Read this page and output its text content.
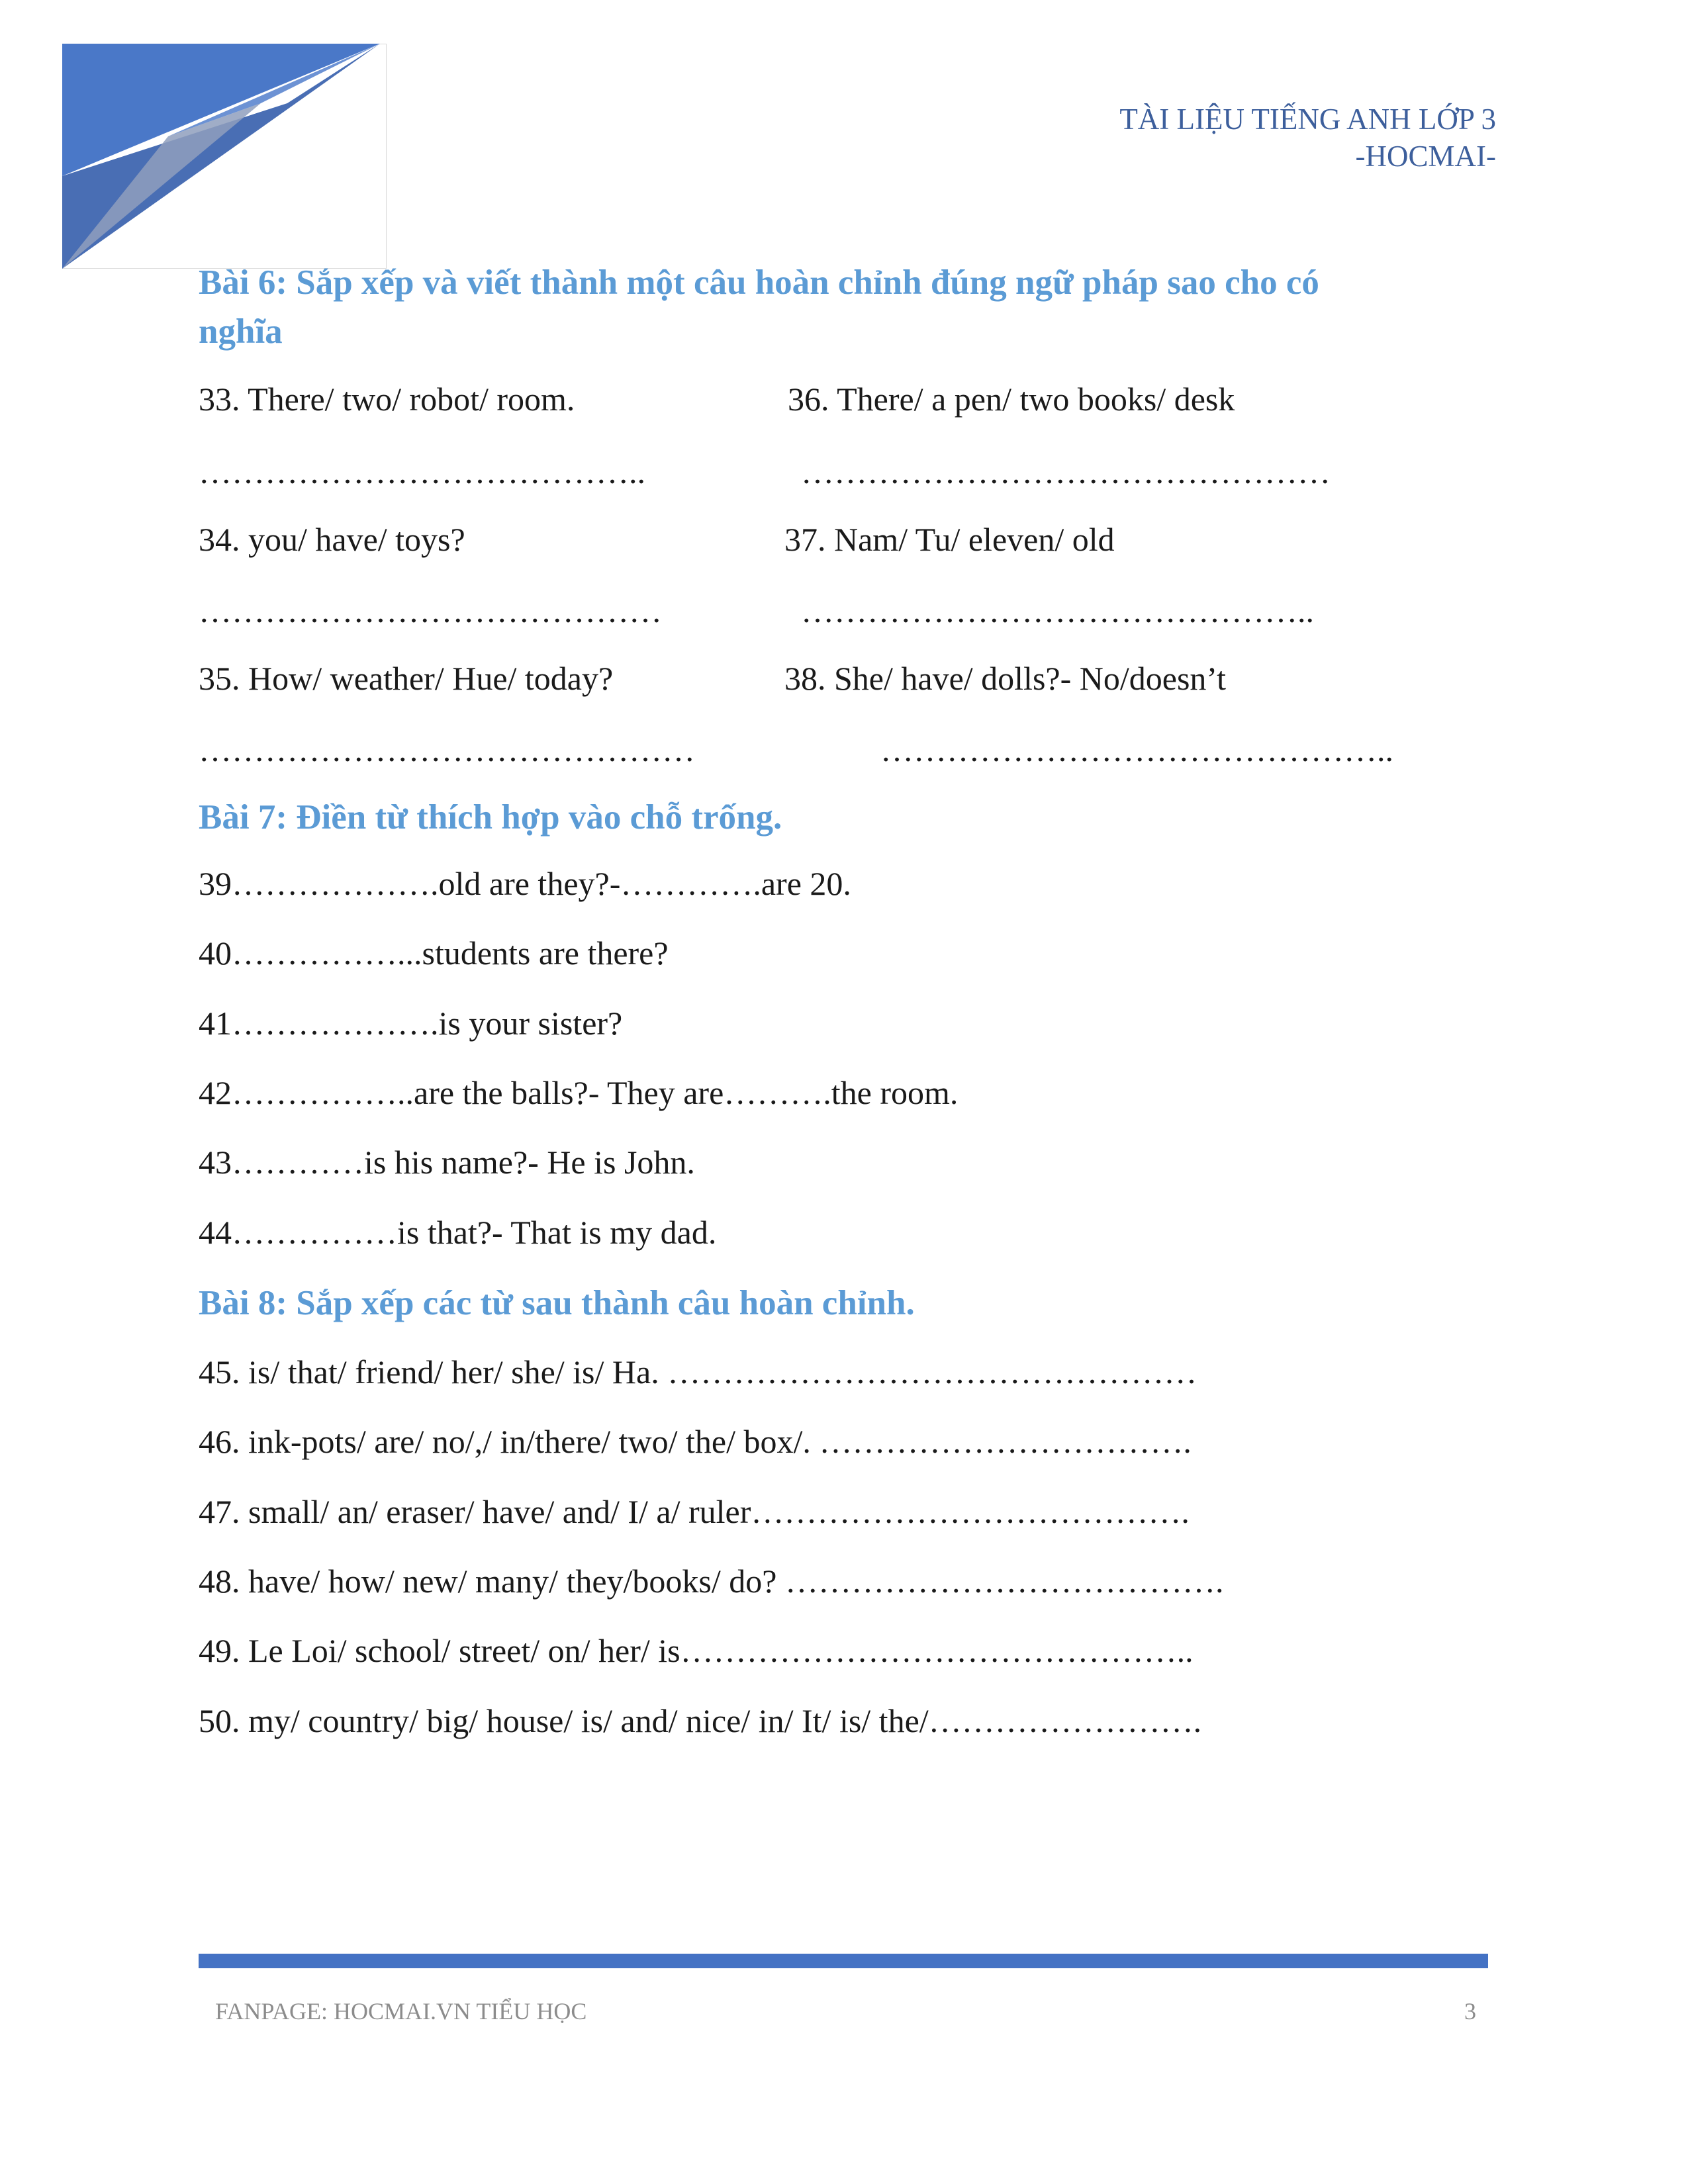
TÀI LIỆU TIẾNG ANH LỚP 3
-HOCMAI-
Bài 6: Sắp xếp và viết thành một câu hoàn chỉnh đúng ngữ pháp sao cho có
nghĩa
33. There/ two/ robot/ room.	36. There/ a pen/ two books/ desk
…………………………………..	…………………………………………
34. you/ have/ toys?	37. Nam/ Tu/ eleven/ old
……………………………………	………………………………………..
35. How/ weather/ Hue/ today?	38. She/ have/ dolls?- No/doesn’t
………………………………………	………………………………………..
Bài 7: Điền từ thích hợp vào chỗ trống.
39……………….old are they?-………….are 20.
40……………...students are there?
41……………….is your sister?
42……………..are the balls?- They are……….the room.
43…………is his name?- He is John.
44……………is that?- That is my dad.
Bài 8: Sắp xếp các từ sau thành câu hoàn chỉnh.
45. is/ that/ friend/ her/ she/ is/ Ha. …………………………………………
46. ink-pots/ are/ no/,/ in/there/ two/ the/ box/. …………………………….
47. small/ an/ eraser/ have/ and/ I/ a/ ruler………………………………….
48. have/ how/ new/ many/ they/books/ do? ………………………………….
49. Le Loi/ school/ street/ on/ her/ is………………………………………..
50. my/ country/ big/ house/ is/ and/ nice/ in/ It/ is/ the/…………………….
FANPAGE: HOCMAI.VN TIỂU HỌC	3
